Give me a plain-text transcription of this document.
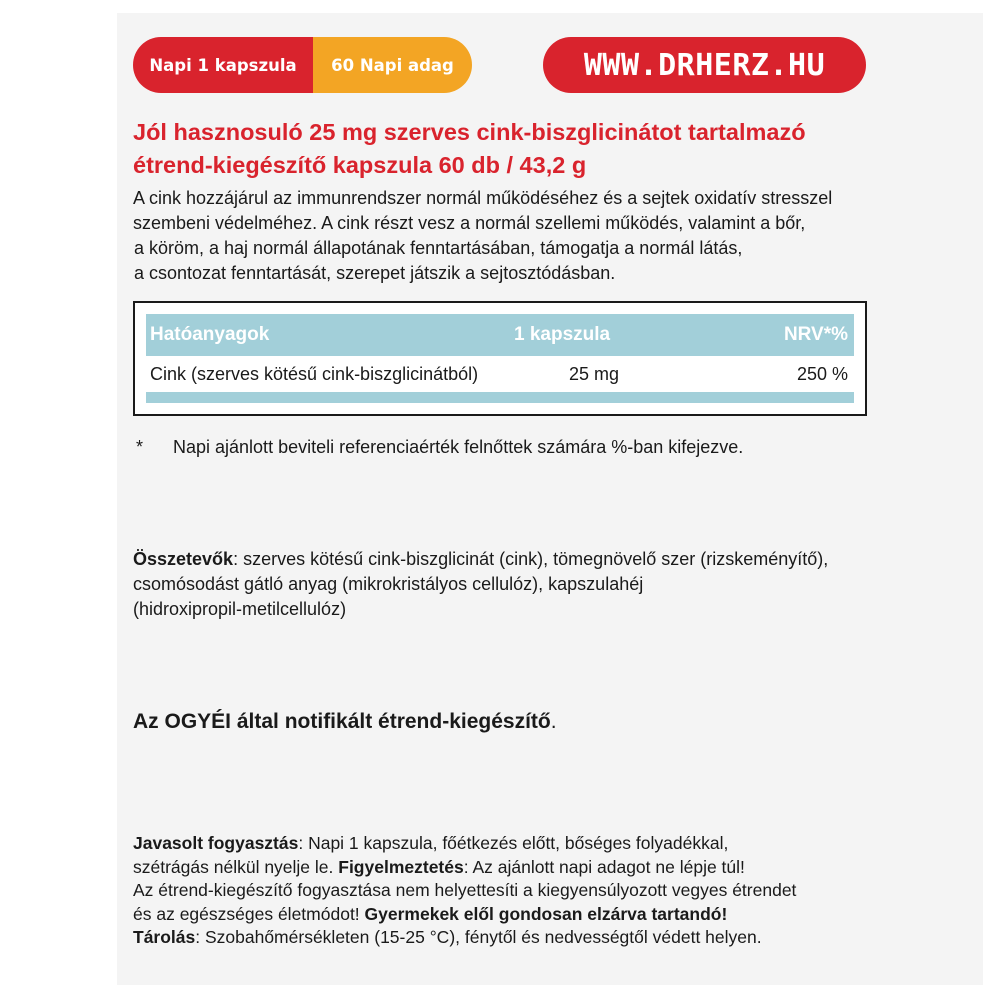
Napi 1 kapszula	60 Napi adag	WWW.DRHERZ.HU
Jól hasznosuló 25 mg szerves cink-biszglicinátot tartalmazó
étrend-kiegészítő kapszula 60 db / 43,2 g
A cink hozzájárul az immunrendszer normál működéséhez és a sejtek oxidatív stresszel
szembeni védelméhez. A cink részt vesz a normál szellemi működés, valamint a bőr,
a köröm, a haj normál állapotának fenntartásában, támogatja a normál látás,
a csontozat fenntartását, szerepet játszik a sejtosztódásban.
Hatóanyagok	1 kapszula	NRV*%
Cink (szerves kötésű cink-biszglicinátból)	25 mg	250 %
* Napi ajánlott beviteli referenciaérték felnőttek számára %-ban kifejezve.
Összetevők: szerves kötésű cink-biszglicinát (cink), tömegnövelő szer (rizskeményítő),
csomósodást gátló anyag (mikrokristályos cellulóz), kapszulahéj
(hidroxipropil-metilcellulóz)
Az OGYÉI által notifikált étrend-kiegészítő.
Javasolt fogyasztás: Napi 1 kapszula, főétkezés előtt, bőséges folyadékkal,
szétrágás nélkül nyelje le. Figyelmeztetés: Az ajánlott napi adagot ne lépje túl!
Az étrend-kiegészítő fogyasztása nem helyettesíti a kiegyensúlyozott vegyes étrendet
és az egészséges életmódot! Gyermekek elől gondosan elzárva tartandó!
Tárolás: Szobahőmérsékleten (15-25 °C), fénytől és nedvességtől védett helyen.
